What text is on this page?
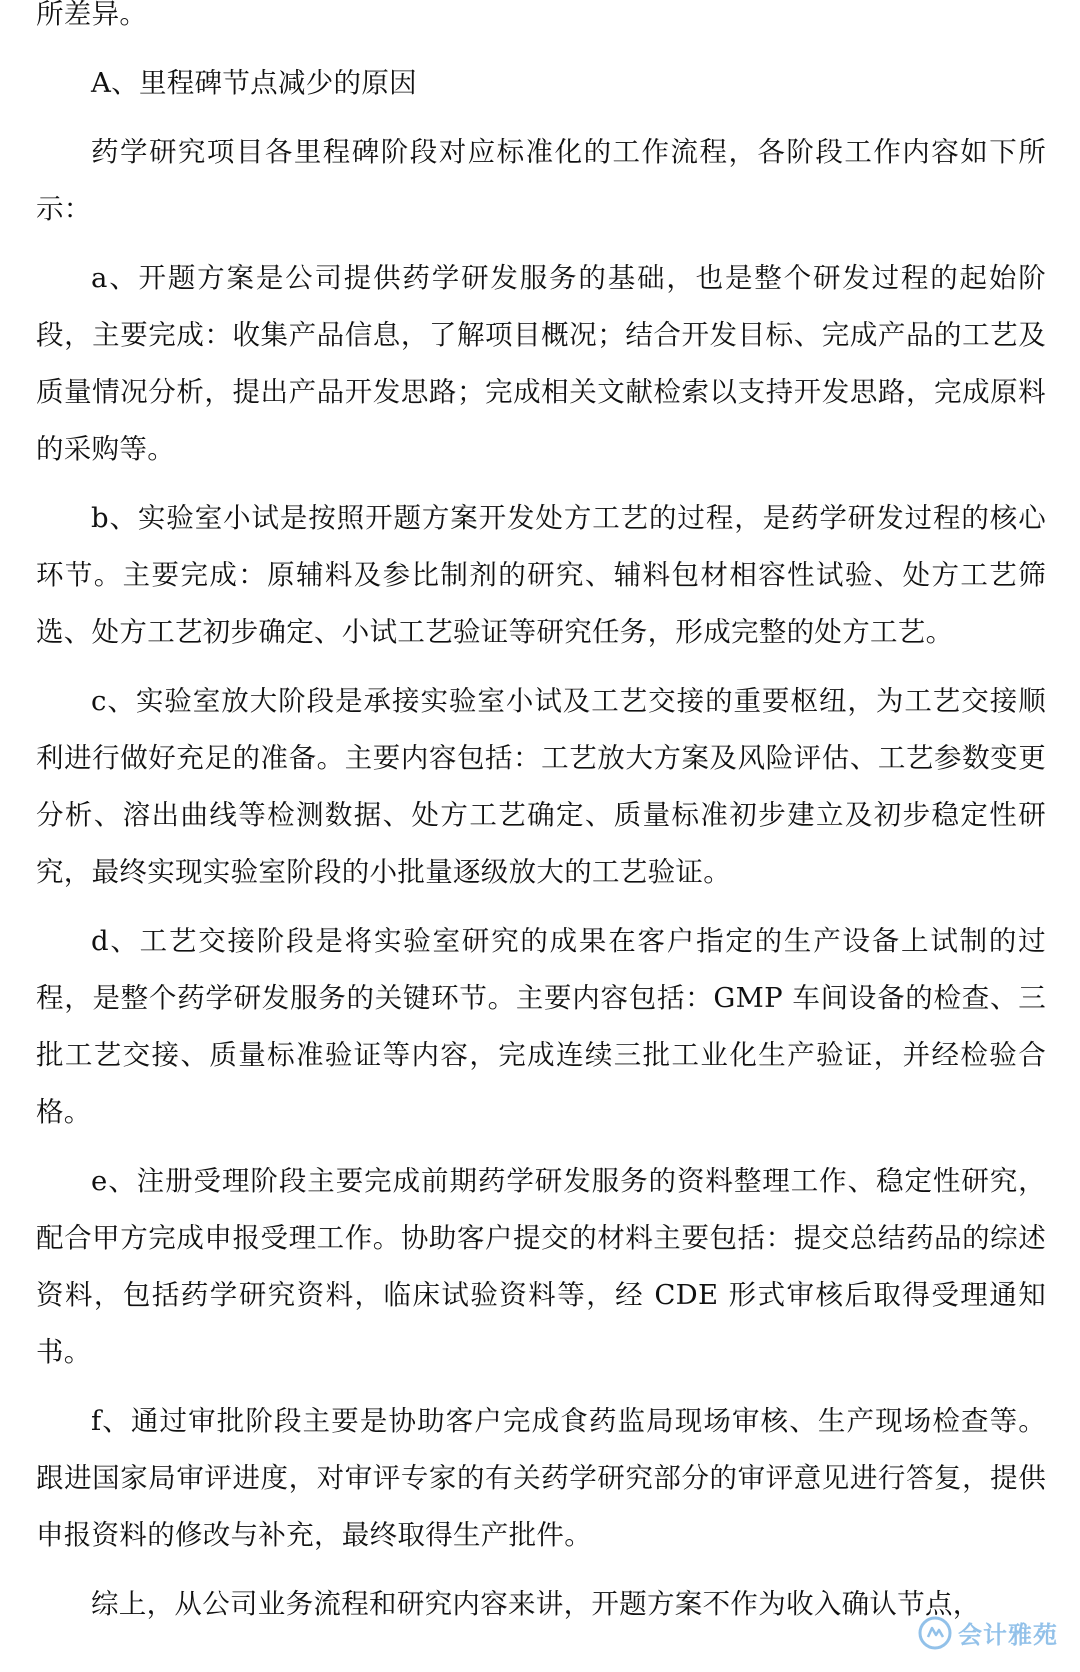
所差异。

A、里程碑节点减少的原因

药学研究项目各里程碑阶段对应标准化的工作流程，各阶段工作内容如下所示：

a、开题方案是公司提供药学研发服务的基础，也是整个研发过程的起始阶段，主要完成：收集产品信息，了解项目概况；结合开发目标、完成产品的工艺及质量情况分析，提出产品开发思路；完成相关文献检索以支持开发思路，完成原料的采购等。

b、实验室小试是按照开题方案开发处方工艺的过程，是药学研发过程的核心环节。主要完成：原辅料及参比制剂的研究、辅料包材相容性试验、处方工艺筛选、处方工艺初步确定、小试工艺验证等研究任务，形成完整的处方工艺。

c、实验室放大阶段是承接实验室小试及工艺交接的重要枢纽，为工艺交接顺利进行做好充足的准备。主要内容包括：工艺放大方案及风险评估、工艺参数变更分析、溶出曲线等检测数据、处方工艺确定、质量标准初步建立及初步稳定性研究，最终实现实验室阶段的小批量逐级放大的工艺验证。

d、工艺交接阶段是将实验室研究的成果在客户指定的生产设备上试制的过程，是整个药学研发服务的关键环节。主要内容包括：GMP 车间设备的检查、三批工艺交接、质量标准验证等内容，完成连续三批工业化生产验证，并经检验合格。

e、注册受理阶段主要完成前期药学研发服务的资料整理工作、稳定性研究，配合甲方完成申报受理工作。协助客户提交的材料主要包括：提交总结药品的综述资料，包括药学研究资料，临床试验资料等，经 CDE 形式审核后取得受理通知书。

f、通过审批阶段主要是协助客户完成食药监局现场审核、生产现场检查等。跟进国家局审评进度，对审评专家的有关药学研究部分的审评意见进行答复，提供申报资料的修改与补充，最终取得生产批件。

综上，从公司业务流程和研究内容来讲，开题方案不作为收入确认节点，

会计雅苑
